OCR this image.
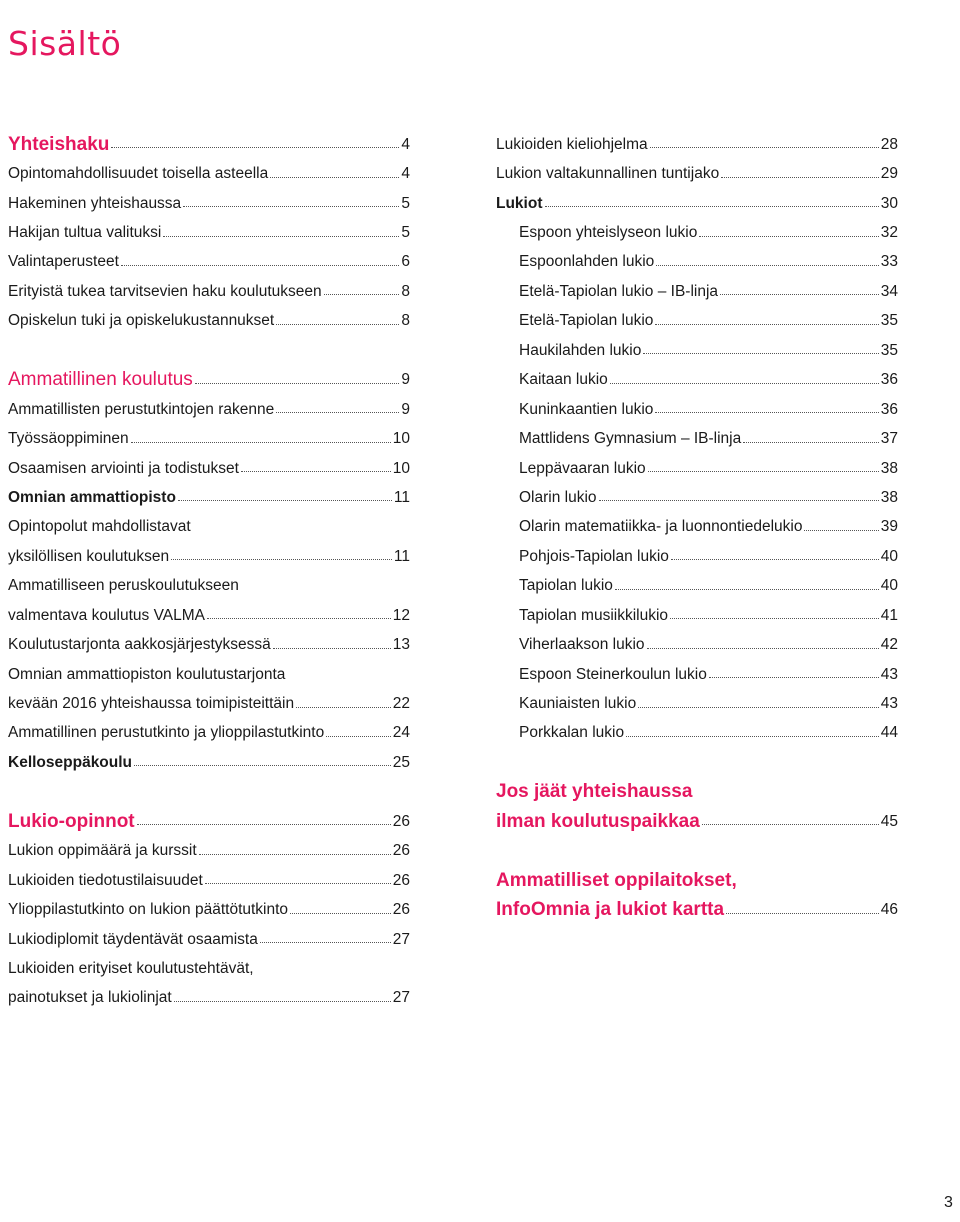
Sisältö
Yhteishaku	4
Opintomahdollisuudet toisella asteella	4
Hakeminen yhteishaussa	5
Hakijan tultua valituksi	5
Valintaperusteet	6
Erityistä tukea tarvitsevien haku koulutukseen	8
Opiskelun tuki ja opiskelukustannukset	8
Ammatillinen koulutus	9
Ammatillisten perustutkintojen rakenne	9
Työssäoppiminen	10
Osaamisen arviointi ja todistukset	10
Omnian ammattiopisto	11
Opintopolut mahdollistavat
yksilöllisen koulutuksen	11
Ammatilliseen peruskoulutukseen
valmentava koulutus VALMA	12
Koulutustarjonta aakkosjärjestyksessä	13
Omnian ammattiopiston koulutustarjonta
kevään 2016 yhteishaussa toimipisteittäin	22
Ammatillinen perustutkinto ja ylioppilastutkinto	24
Kelloseppäkoulu	25
Lukio-opinnot	26
Lukion oppimäärä ja kurssit	26
Lukioiden tiedotustilaisuudet	26
Ylioppilastutkinto on lukion päättötutkinto	26
Lukiodiplomit täydentävät osaamista	27
Lukioiden erityiset koulutustehtävät,
painotukset ja lukiolinjat	27
Lukioiden kieliohjelma	28
Lukion valtakunnallinen tuntijako	29
Lukiot	30
Espoon yhteislyseon lukio	32
Espoonlahden lukio	33
Etelä-Tapiolan lukio – IB-linja	34
Etelä-Tapiolan lukio	35
Haukilahden lukio	35
Kaitaan lukio	36
Kuninkaantien lukio	36
Mattlidens Gymnasium – IB-linja	37
Leppävaaran lukio	38
Olarin lukio	38
Olarin matematiikka- ja luonnontiedelukio	39
Pohjois-Tapiolan lukio	40
Tapiolan lukio	40
Tapiolan musiikkilukio	41
Viherlaakson lukio	42
Espoon Steinerkoulun lukio	43
Kauniaisten lukio	43
Porkkalan lukio	44
Jos jäät yhteishaussa
ilman koulutuspaikkaa	45
Ammatilliset oppilaitokset,
InfoOmnia ja lukiot kartta	46
3
